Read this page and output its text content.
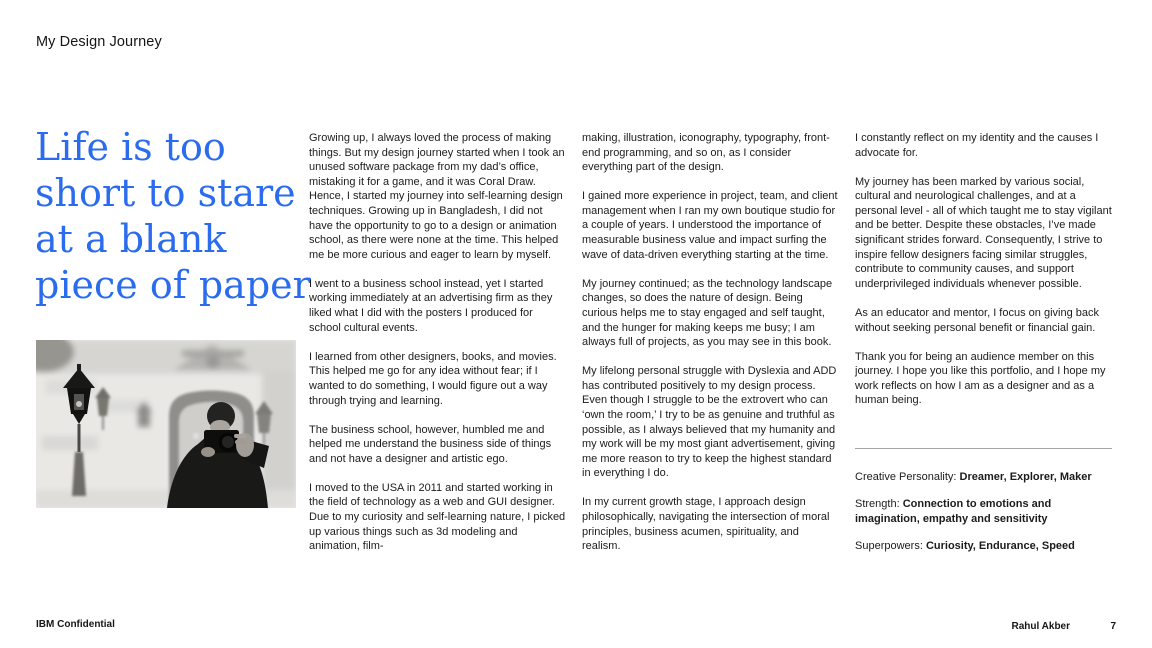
My Design Journey
Life is too
short to stare
at a blank
piece of paper

Growing up, I always loved the process of making things. But my design journey started when I took an unused software package from my dad’s office, mistaking it for a game, and it was Coral Draw. Hence, I started my journey into self-learning design techniques. Growing up in Bangladesh, I did not have the opportunity to go to a design or animation school, as there were none at the time. This helped me be more curious and eager to learn by myself.

I went to a business school instead, yet I started working immediately at an advertising firm as they liked what I did with the posters I produced for school cultural events.

I learned from other designers, books, and movies. This helped me go for any idea without fear; if I wanted to do something, I would figure out a way through trying and learning.

The business school, however, humbled me and helped me understand the business side of things and not have a designer and artistic ego.

I moved to the USA in 2011 and started working in the field of technology as a web and GUI designer. Due to my curiosity and self-learning nature, I picked up various things such as 3d modeling and animation, film-

making, illustration, iconography, typography, front-end programming, and so on, as I consider everything part of the design.

I gained more experience in project, team, and client management when I ran my own boutique studio for a couple of years. I understood the importance of measurable business value and impact surfing the wave of data-driven everything starting at the time.

My journey continued; as the technology landscape changes, so does the nature of design. Being curious helps me to stay engaged and self taught, and the hunger for making keeps me busy; I am always full of projects, as you may see in this book.

My lifelong personal struggle with Dyslexia and ADD has contributed positively to my design process. Even though I struggle to be the extrovert who can ‘own the room,’ I try to be as genuine and truthful as possible, as I always believed that my humanity and my work will be my most giant advertisement, giving me more reason to try to keep the highest standard in everything I do.

In my current growth stage, I approach design philosophically, navigating the intersection of moral principles, business acumen, spirituality, and realism.

I constantly reflect on my identity and the causes I advocate for.

My journey has been marked by various social, cultural and neurological challenges, and at a personal level - all of which taught me to stay vigilant and be better. Despite these obstacles, I’ve made significant strides forward. Consequently, I strive to inspire fellow designers facing similar struggles, contribute to community causes, and support underprivileged individuals whenever possible.

As an educator and mentor, I focus on giving back without seeking personal benefit or financial gain.

Thank you for being an audience member on this journey. I hope you like this portfolio, and I hope my work reflects on how I am as a designer and as a human being.

Creative Personality: Dreamer, Explorer, Maker
Strength: Connection to emotions and imagination, empathy and sensitivity
Superpowers: Curiosity, Endurance, Speed
IBM Confidential	Rahul Akber	7
